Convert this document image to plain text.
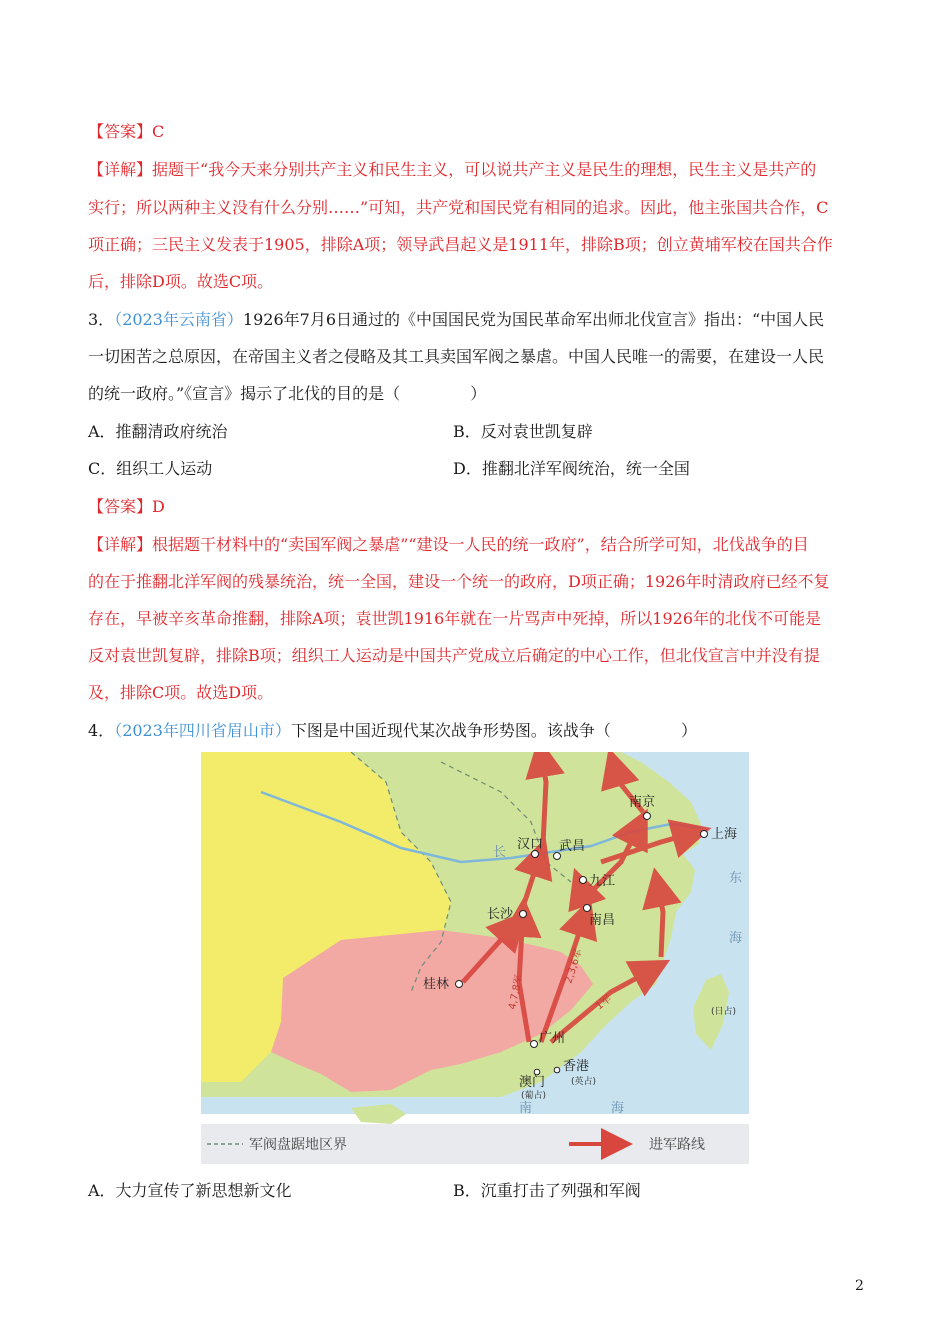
【答案】C
【详解】据题干“我今天来分别共产主义和民生主义，可以说共产主义是民生的理想，民生主义是共产的
实行；所以两种主义没有什么分别……”可知，共产党和国民党有相同的追求。因此，他主张国共合作，C
项正确；三民主义发表于1905，排除A项；领导武昌起义是1911年，排除B项；创立黄埔军校在国共合作
后，排除D项。故选C项。
3．（2023年云南省）1926年7月6日通过的《中国国民党为国民革命军出师北伐宣言》指出：“中国人民
一切困苦之总原因，在帝国主义者之侵略及其工具卖国军阀之暴虐。中国人民唯一的需要，在建设一人民
的统一政府。”《宣言》揭示了北伐的目的是（	）
A．推翻清政府统治	B．反对袁世凯复辟
C．组织工人运动	D．推翻北洋军阀统治，统一全国
【答案】D
【详解】根据题干材料中的“卖国军阀之暴虐”“建设一人民的统一政府”，结合所学可知，北伐战争的目
的在于推翻北洋军阀的残暴统治，统一全国，建设一个统一的政府，D项正确；1926年时清政府已经不复
存在，早被辛亥革命推翻，排除A项；袁世凯1916年就在一片骂声中死掉，所以1926年的北伐不可能是
反对袁世凯复辟，排除B项；组织工人运动是中国共产党成立后确定的中心工作，但北伐宣言中并没有提
及，排除C项。故选D项。
4．（2023年四川省眉山市）下图是中国近现代某次战争形势图。该战争（	）
长
南京
上海
汉口 武昌
九江
长沙	南昌
桂林
广州
香港
(英占)
澳门
(葡占)
(日占)
4,7,8军
2,3,6军
1军
东
海
南	海
军阀盘踞地区界	进军路线
A．大力宣传了新思想新文化	B．沉重打击了列强和军阀
2
